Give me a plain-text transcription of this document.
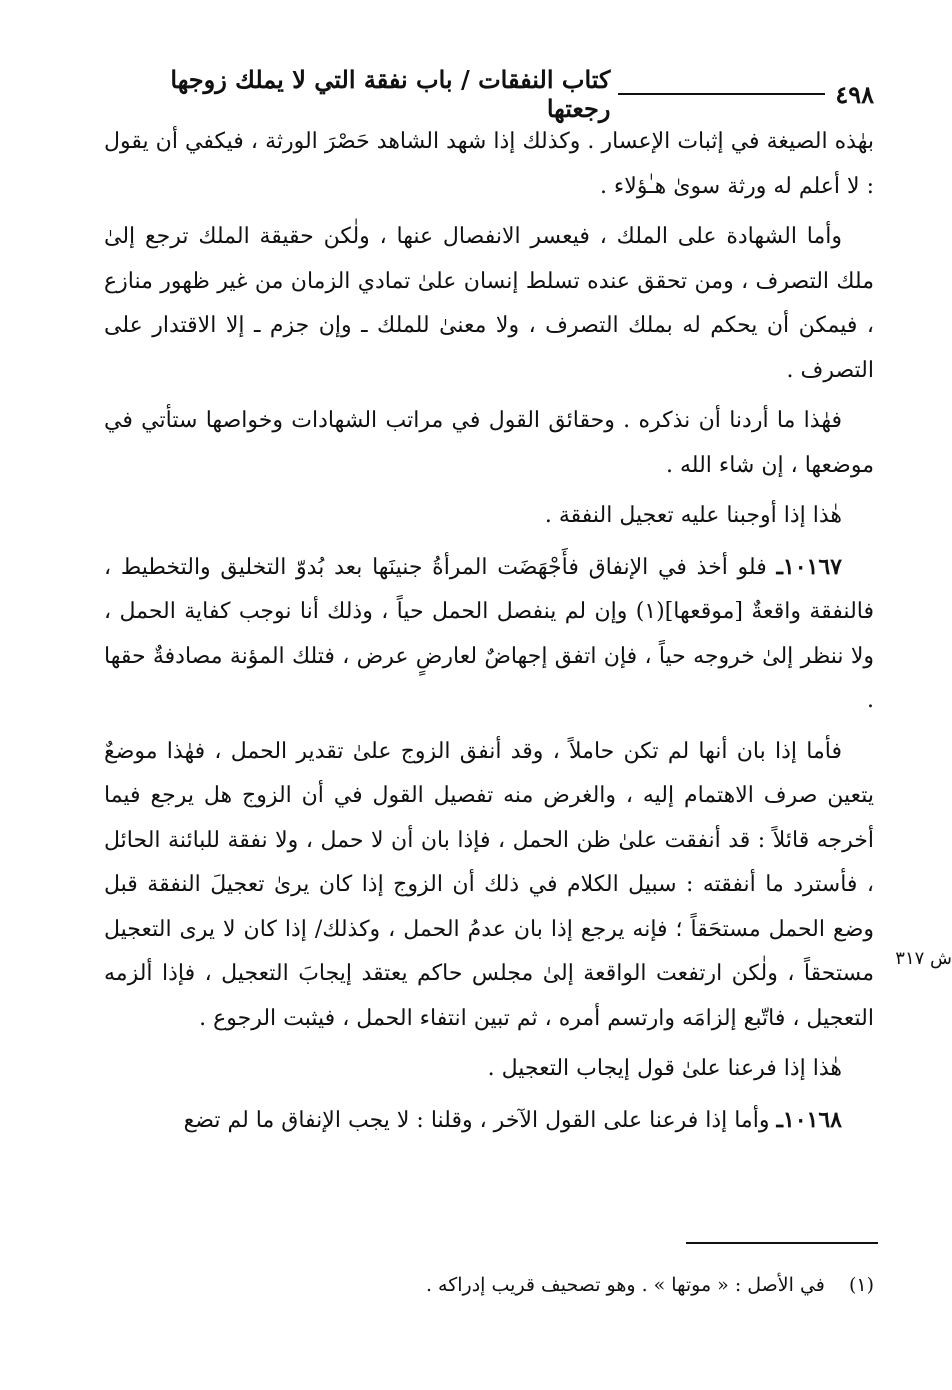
٤٩٨
كتاب النفقات / باب نفقة التي لا يملك زوجها رجعتها

بهٰذه الصيغة في إثبات الإعسار . وكذلك إذا شهد الشاهد حَصْرَ الورثة ، فيكفي أن يقول : لا أعلم له ورثة سوىٰ هـٰؤلاء .

وأما الشهادة على الملك ، فيعسر الانفصال عنها ، ولٰكن حقيقة الملك ترجع إلىٰ ملك التصرف ، ومن تحقق عنده تسلط إنسان علىٰ تمادي الزمان من غير ظهور منازع ، فيمكن أن يحكم له بملك التصرف ، ولا معنىٰ للملك ـ وإن جزم ـ إلا الاقتدار على التصرف .

فهٰذا ما أردنا أن نذكره . وحقائق القول في مراتب الشهادات وخواصها ستأتي في موضعها ، إن شاء الله .

هٰذا إذا أوجبنا عليه تعجيل النفقة .

١٠١٦٧ـ فلو أخذ في الإنفاق فأَجْهَضَت المرأةُ جنينَها بعد بُدوّ التخليق والتخطيط ، فالنفقة واقعةٌ [موقعها](١) وإن لم ينفصل الحمل حياً ، وذلك أنا نوجب كفاية الحمل ، ولا ننظر إلىٰ خروجه حياً ، فإن اتفق إجهاضٌ لعارضٍ عرض ، فتلك المؤنة مصادفةٌ حقها .

فأما إذا بان أنها لم تكن حاملاً ، وقد أنفق الزوج علىٰ تقدير الحمل ، فهٰذا موضعٌ يتعين صرف الاهتمام إليه ، والغرض منه تفصيل القول في أن الزوج هل يرجع فيما أخرجه قائلاً : قد أنفقت علىٰ ظن الحمل ، فإذا بان أن لا حمل ، ولا نفقة للبائنة الحائل ، فأسترد ما أنفقته : سبيل الكلام في ذلك أن الزوج إذا كان يرىٰ تعجيلَ النفقة قبل وضع الحمل مستحَقاً ؛ فإنه يرجع إذا بان عدمُ الحمل ، وكذلك/ إذا كان لا يرى التعجيل مستحقاً ، ولٰكن ارتفعت الواقعة إلىٰ مجلس حاكم يعتقد إيجابَ التعجيل ، فإذا ألزمه التعجيل ، فاتّبع إلزامَه وارتسم أمره ، ثم تبين انتفاء الحمل ، فيثبت الرجوع .

هٰذا إذا فرعنا علىٰ قول إيجاب التعجيل .

١٠١٦٨ـ وأما إذا فرعنا على القول الآخر ، وقلنا : لا يجب الإنفاق ما لم تضع

ش ٣١٧
(١) في الأصل : « موتها » . وهو تصحيف قريب إدراكه .
